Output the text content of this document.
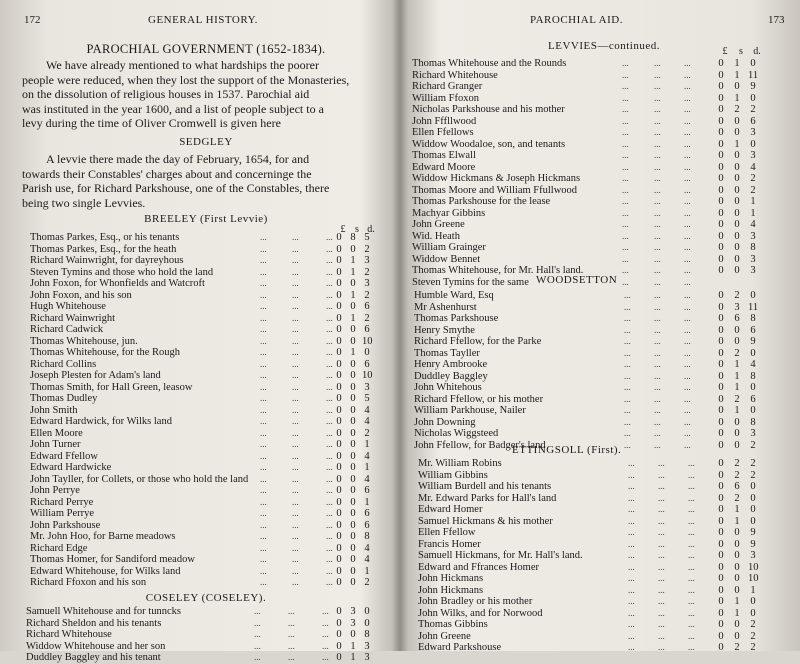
172	GENERAL HISTORY.
PAROCHIAL GOVERNMENT (1652-1834).
We have already mentioned to what hardships the poorer
people were reduced, when they lost the support of the Monasteries,
on the dissolution of religious houses in 1537. Parochial aid
was instituted in the year 1600, and a list of people subject to a
levy during the time of Oliver Cromwell is given here
SEDGLEY
A levvie there made the day of February, 1654, for and
towards their Constables' charges about and concerninge the
Parish use, for Richard Parkshouse, one of the Constables, there
being two single Levvies.
BREELEY (First Levvie)
£ s d.
Thomas Parkes, Esq., or his tenants	...	...	... 0 8 5
Thomas Parkes, Esq., for the heath	...	...	... 0 0 2
Richard Wainwright, for dayreyhous	...	...	... 0 1 3
Steven Tymins and those who hold the land	...	...	... 0 1 2
John Foxon, for Whonfields and Watcroft	...	...	... 0 0 3
John Foxon, and his son	...	...	... 0 1 2
Hugh Whitehouse	...	...	... 0 0 6
Richard Wainwright	...	...	... 0 1 2
Richard Cadwick	...	...	... 0 0 6
Thomas Whitehouse, jun.	...	...	... 0 0 10
Thomas Whitehouse, for the Rough	...	...	... 0 1 0
Richard Collins	...	...	... 0 0 6
Joseph Plesten for Adam's land	...	...	... 0 0 10
Thomas Smith, for Hall Green, leasow	...	...	... 0 0 3
Thomas Dudley	...	...	... 0 0 5
John Smith	...	...	... 0 0 4
Edward Hardwick, for Wilks land	...	...	... 0 0 4
Ellen Moore	...	...	... 0 0 2
John Turner	...	...	... 0 0 1
Edward Ffellow	...	...	... 0 0 4
Edward Hardwicke	...	...	... 0 0 1
John Tayller, for Collets, or those who hold the land ...	...	... 0 0 4
John Perrye	...	...	... 0 0 6
Richard Perrye	...	...	... 0 0 1
William Perrye	...	...	... 0 0 6
John Parkshouse	...	...	... 0 0 6
Mr. John Hoo, for Barne meadows	...	...	... 0 0 8
Richard Edge	...	...	... 0 0 4
Thomas Homer, for Sandiford meadow	...	...	... 0 0 4
Edward Whitehouse, for Wilks land	...	...	... 0 0 1
Richard Ffoxon and his son	...	...	... 0 0 2
COSELEY (COSELEY).
Samuell Whitehouse and for tunncks	...	...	... 0 3 0
Richard Sheldon and his tenants	...	...	... 0 3 0
Richard Whitehouse	...	...	... 0 0 8
Widdow Whitehouse and her son	...	...	... 0 1 3
Duddley Baggley and his tenant	...	...	... 0 1 3
PAROCHIAL AID.	173
LEVVIES—continued.	£	s	d.
Thomas Whitehouse and the Rounds	...	...	...	0 1 0
Richard Whitehouse	...	...	...	0 1 11
Richard Granger	...	...	...	0 0 9
William Ffoxon	...	...	...	0 1 0
Nicholas Parkshouse and his mother	...	...	...	0 2 2
John Fffllwood	...	...	...	0 0 6
Ellen Ffellows	...	...	...	0 0 3
Widdow Woodaloe, son, and tenants	...	...	...	0 1 0
Thomas Elwall	...	...	...	0 0 3
Edward Moore	...	...	...	0 0 4
Widdow Hickmans & Joseph Hickmans	...	...	...	0 0 2
Thomas Moore and William Ffullwood	...	...	...	0 0 2
Thomas Parkshouse for the lease	...	...	...	0 0 1
Machyar Gibbins	...	...	...	0 0 1
John Greene	...	...	...	0 0 4
Wid. Heath	...	...	...	0 0 3
William Grainger	...	...	...	0 0 8
Widdow Bennet	...	...	...	0 0 3
Thomas Whitehouse, for Mr. Hall's land.	...	...	...	0 0 3
Steven Tymins for the same	...	...	...
WOODSETTON
Humble Ward, Esq	...	...	...	0 2 0
Mr Ashenhurst	...	...	...	0 3 11
Thomas Parkshouse	...	...	...	0 6 8
Henry Smythe	...	...	...	0 0 6
Richard Ffellow, for the Parke	...	...	...	0 0 9
Thomas Tayller	...	...	...	0 2 0
Henry Ambrooke	...	...	...	0 1 4
Duddley Baggley	...	...	...	0 1 8
John Whitehous	...	...	...	0 1 0
Richard Ffellow, or his mother	...	...	...	0 2 6
William Parkhouse, Nailer	...	...	...	0 1 0
John Downing	...	...	...	0 0 8
Nicholas Wiggsteed	...	...	...	0 0 3
John Ffellow, for Badger's land	...	...	...	0 0 2
ETTINGSOLL (First).
Mr. William Robins	...	...	... 0 2 2
William Gibbins	...	...	... 0 2 2
William Burdell and his tenants	...	...	... 0 6 0
Mr. Edward Parks for Hall's land	...	...	... 0 2 0
Edward Homer	...	...	... 0 1 0
Samuel Hickmans & his mother	...	...	... 0 1 0
Ellen Ffellow	...	...	... 0 0 9
Francis Homer	...	...	... 0 0 9
Samuell Hickmans, for Mr. Hall's land.	...	...	... 0 0 3
Edward and Ffrances Homer	...	...	... 0 0 10
John Hickmans	...	...	... 0 0 10
John Hickmans	...	...	... 0 0 1
John Bradley or his mother	...	...	... 0 1 0
John Wilks, and for Norwood	...	...	... 0 1 0
Thomas Gibbins	...	...	... 0 0 2
John Greene	...	...	... 0 0 2
Edward Parkshouse	...	...	... 0 2 2
